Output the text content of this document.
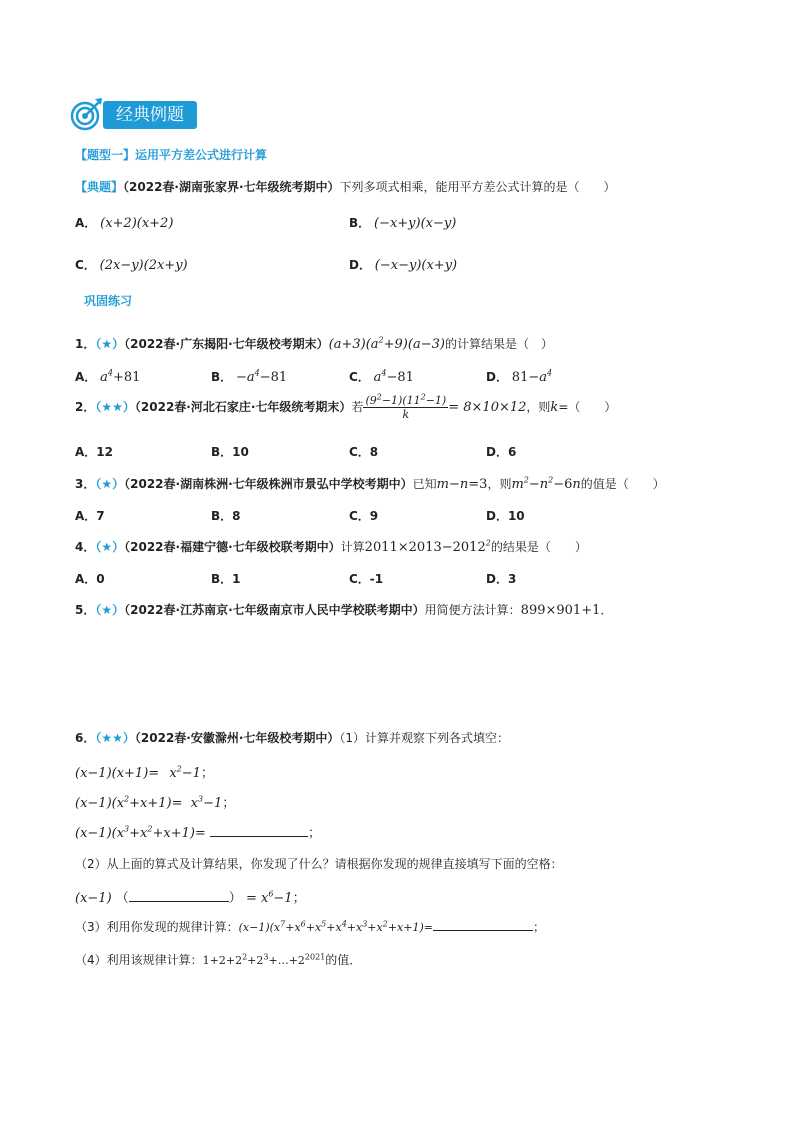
经典例题
【题型一】运用平方差公式进行计算
【典题】（2022春·湖南张家界·七年级统考期中）下列多项式相乘，能用平方差公式计算的是（　　）
A． (x+2)(x+2)	B． (−x+y)(x−y)
C． (2x−y)(2x+y)	D． (−x−y)(x+y)
巩固练习
1．（★）（2022春·广东揭阳·七年级校考期末）$(a+3)(a^2+9)(a-3)$的计算结果是（　）
A． $a^4+81$	B． $-a^4-81$	C． $a^4-81$	D． $81-a^4$
2．（★★）（2022春·河北石家庄·七年级统考期末）若 $\frac{(9^2-1)(11^2-1)}{k} = 8\times 10\times 12$，则k=（　　）
A．12	B．10	C．8	D．6
3．（★）（2022春·湖南株洲·七年级株洲市景弘中学校考期中）已知m−n=3，则$m^2-n^2-6n$的值是（　　）
A．7	B．8	C．9	D．10
4．（★）（2022春·福建宁德·七年级校联考期中）计算$2011\times 2013-2012^2$的结果是（　　）
A．0	B．1	C．-1	D．3
5．（★）（2022春·江苏南京·七年级南京市人民中学校联考期中）用简便方法计算：899×901+1．
6．（★★）（2022春·安徽滁州·七年级校考期中）（1）计算并观察下列各式填空：
$(x-1)(x+1)= x^2-1$；
$(x-1)(x^2+x+1)= x^3-1$；
$(x-1)(x^3+x^2+x+1)=$	；
（2）从上面的算式及计算结果，你发现了什么？请根据你发现的规律直接填写下面的空格：
(x−1) （	） = $x^6-1$；
（3）利用你发现的规律计算：$(x-1)(x^7+x^6+x^5+x^4+x^3+x^2+x+1)=$	；
（4）利用该规律计算：$1+2+2^2+2^3+\dots+2^{2021}$的值．
